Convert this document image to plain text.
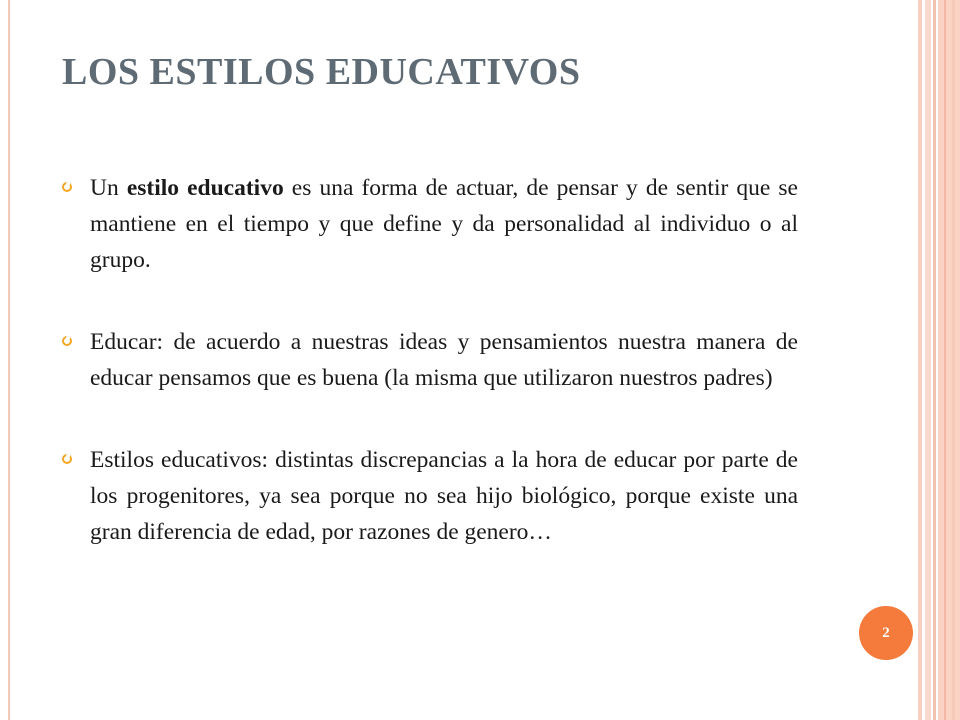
LOS ESTILOS EDUCATIVOS
Un estilo educativo es una forma de actuar, de pensar y de sentir que se mantiene en el tiempo y que define y da personalidad al individuo o al grupo.
Educar: de acuerdo a nuestras ideas y pensamientos nuestra manera de educar pensamos que es buena (la misma que utilizaron nuestros padres)
Estilos educativos: distintas discrepancias a la hora de educar por parte de los progenitores, ya sea porque no sea hijo biológico, porque existe una gran diferencia de edad, por razones de genero…
2
